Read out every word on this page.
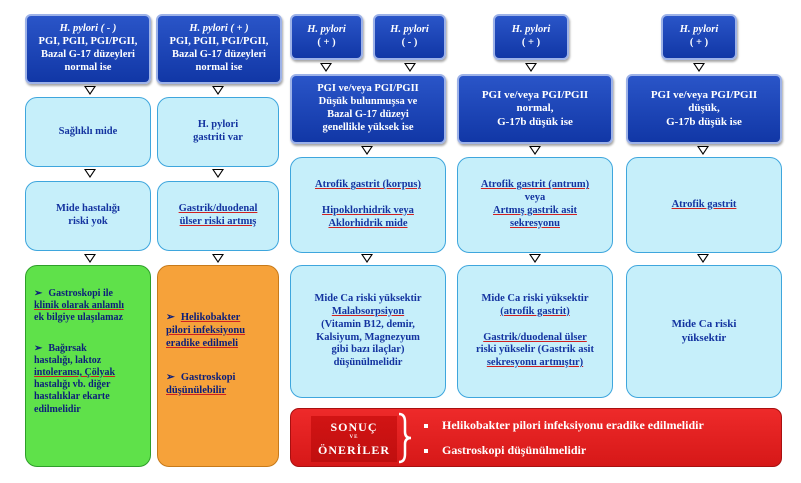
H. pylori ( - )
PGI, PGII, PGI/PGII,
Bazal G-17 düzeyleri
normal ise
H. pylori ( + )
PGI, PGII, PGI/PGII,
Bazal G-17 düzeyleri
normal ise
H. pylori
( + )
H. pylori
( - )
H. pylori
( + )
H. pylori
( + )
PGI ve/veya PGI/PGII
Düşük bulunmuşsa ve
Bazal G-17 düzeyi
genellikle yüksek ise
PGI ve/veya PGI/PGII
normal,
G-17b düşük ise
PGI ve/veya PGI/PGII
düşük,
G-17b düşük ise
Sağlıklı mide
H. pylori
gastriti var
Mide hastalığı
riski yok
Gastrik/duodenal
ülser riski artmış
Atrofik gastrit (korpus)

Hipoklorhidrik veya
Aklorhidrik mide
Atrofik gastrit (antrum)
veya
Artmış gastrik asit
sekresyonu
Atrofik gastrit
➢ Gastroskopi ile
klinik olarak anlamlı
ek bilgiye ulaşılamaz
➢ Bağırsak
hastalığı, laktoz
intoleransı, Çölyak
hastalığı vb. diğer
hastalıklar ekarte
edilmelidir
➢ Helikobakter
pilori infeksiyonu
eradike edilmeli
➢ Gastroskopi
düşünülebilir
Mide Ca riski yüksektir
Malabsorpsiyon
(Vitamin B12, demir,
Kalsiyum, Magnezyum
gibi bazı ilaçlar)
düşünülmelidir
Mide Ca riski yüksektir
(atrofik gastrit)

Gastrik/duodenal ülser
riski yükselir (Gastrik asit
sekresyonu artmıştır)
Mide Ca riski
yüksektir
SONUÇ
VE
ÖNERİLER
Helikobakter pilori infeksiyonu eradike edilmelidir
Gastroskopi düşünülmelidir
